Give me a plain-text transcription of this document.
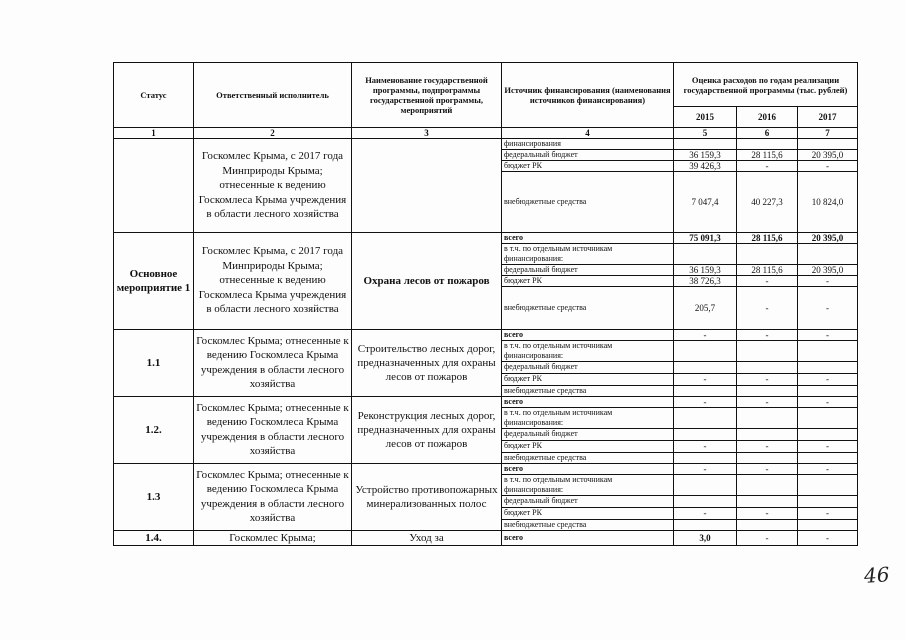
Статус	Ответственный исполнитель	Наименование государственной программы, подпрограммы государственной программы, мероприятий	Источник финансирования (наименования источников финансирования)	Оценка расходов по годам реализации государственной программы (тыс. рублей)		
				2015	2016	2017
1	2	3	4	5	6	7
	Госкомлес Крыма, с 2017 года Минприроды Крыма; отнесенные к ведению Госкомлеса Крыма учреждения в области лесного хозяйства		финансирования			
			федеральный бюджет	36 159,3	28 115,6	20 395,0
			бюджет РК	39 426,3	-	-
			внебюджетные средства	7 047,4	40 227,3	10 824,0
Основное мероприятие 1	Госкомлес Крыма, с 2017 года Минприроды Крыма; отнесенные к ведению Госкомлеса Крыма учреждения в области лесного хозяйства	Охрана лесов от пожаров	всего	75 091,3	28 115,6	20 395,0
			в т.ч. по отдельным источникам финансирования:			
			федеральный бюджет	36 159,3	28 115,6	20 395,0
			бюджет РК	38 726,3	-	-
			внебюджетные средства	205,7	-	-
1.1	Госкомлес Крыма; отнесенные к ведению Госкомлеса Крыма учреждения в области лесного хозяйства	Строительство лесных дорог, предназначенных для охраны лесов от пожаров	всего	-	-	-
			в т.ч. по отдельным источникам финансирования:			
			федеральный бюджет			
			бюджет РК	-	-	-
			внебюджетные средства			
1.2.	Госкомлес Крыма; отнесенные к ведению Госкомлеса Крыма учреждения в области лесного хозяйства	Реконструкция лесных дорог, предназначенных для охраны лесов от пожаров	всего	-	-	-
			в т.ч. по отдельным источникам финансирования:			
			федеральный бюджет			
			бюджет РК	-	-	-
			внебюджетные средства			
1.3	Госкомлес Крыма; отнесенные к ведению Госкомлеса Крыма учреждения в области лесного хозяйства	Устройство противопожарных минерализованных полос	всего	-	-	-
			в т.ч. по отдельным источникам финансирования:			
			федеральный бюджет			
			бюджет РК	-	-	-
			внебюджетные средства			
1.4.	Госкомлес Крыма;	Уход за	всего	3,0	-	-
46
